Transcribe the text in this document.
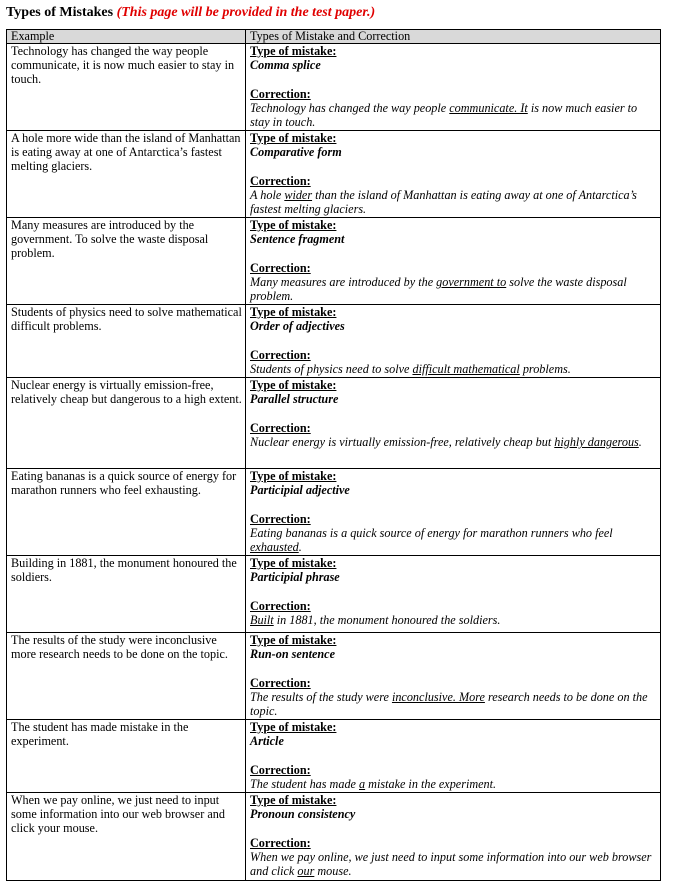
Types of Mistakes (This page will be provided in the test paper.)
Example	Types of Mistake and Correction
Technology has changed the way people communicate, it is now much easier to stay in touch.	Type of mistake:
Comma splice
Correction:
Technology has changed the way people communicate. It is now much easier to stay in touch.

A hole more wide than the island of Manhattan is eating away at one of Antarctica’s fastest melting glaciers.	Type of mistake:
Comparative form
Correction:
A hole wider than the island of Manhattan is eating away at one of Antarctica’s fastest melting glaciers.

Many measures are introduced by the government. To solve the waste disposal problem.	Type of mistake:
Sentence fragment
Correction:
Many measures are introduced by the government to solve the waste disposal problem.

Students of physics need to solve mathematical difficult problems.	Type of mistake:
Order of adjectives
Correction:
Students of physics need to solve difficult mathematical problems.

Nuclear energy is virtually emission-free, relatively cheap but dangerous to a high extent.	Type of mistake:
Parallel structure
Correction:
Nuclear energy is virtually emission-free, relatively cheap but highly dangerous.

Eating bananas is a quick source of energy for marathon runners who feel exhausting.	Type of mistake:
Participial adjective
Correction:
Eating bananas is a quick source of energy for marathon runners who feel exhausted.

Building in 1881, the monument honoured the soldiers.	Type of mistake:
Participial phrase
Correction:
Built in 1881, the monument honoured the soldiers.

The results of the study were inconclusive more research needs to be done on the topic.	Type of mistake:
Run-on sentence
Correction:
The results of the study were inconclusive. More research needs to be done on the topic.

The student has made mistake in the experiment.	Type of mistake:
Article
Correction:
The student has made a mistake in the experiment.

When we pay online, we just need to input some information into our web browser and click your mouse.	Type of mistake:
Pronoun consistency
Correction:
When we pay online, we just need to input some information into our web browser and click our mouse.
